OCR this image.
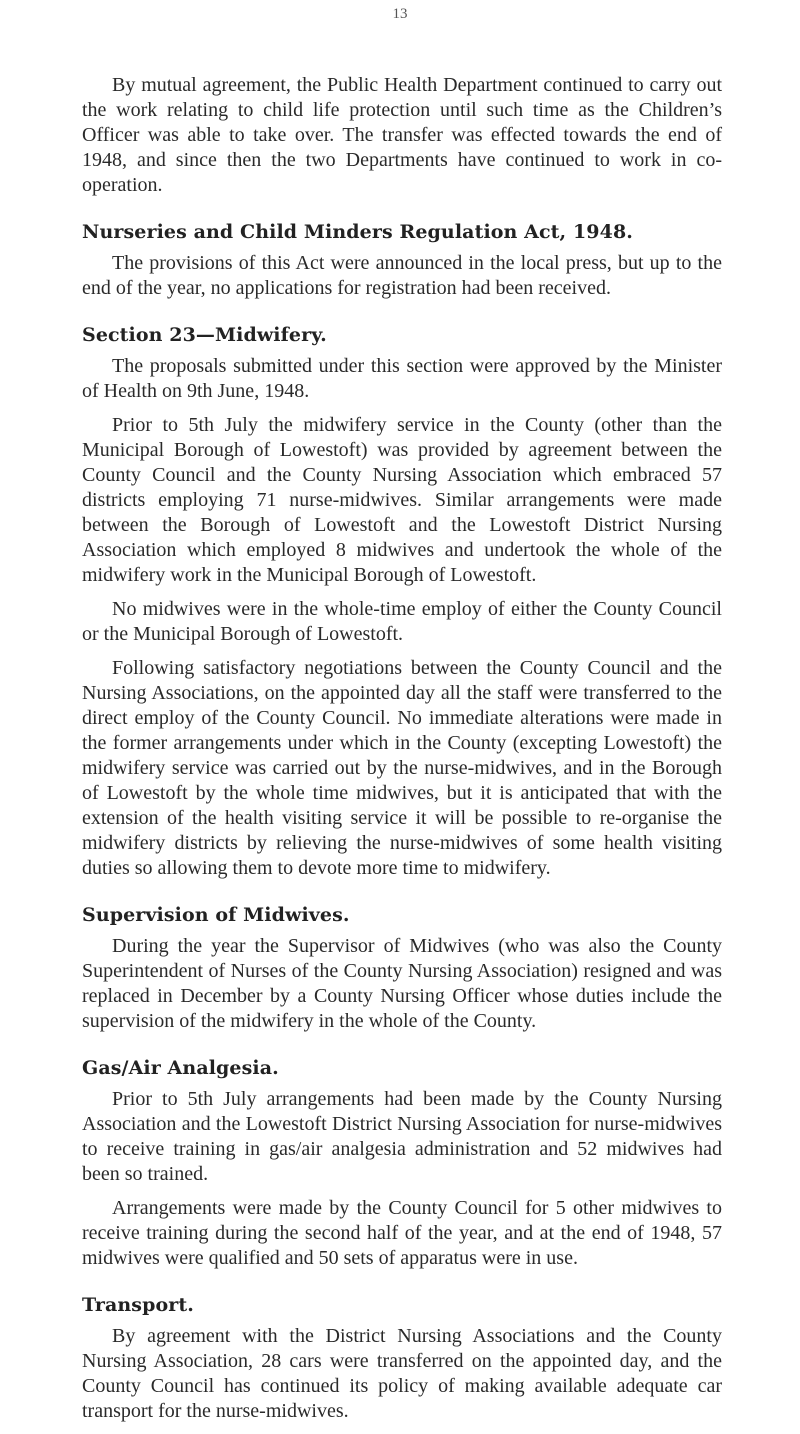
13

By mutual agreement, the Public Health Department continued to carry out the work relating to child life protection until such time as the Children’s Officer was able to take over. The transfer was effected towards the end of 1948, and since then the two Departments have continued to work in co-operation.

Nurseries and Child Minders Regulation Act, 1948.

The provisions of this Act were announced in the local press, but up to the end of the year, no applications for registration had been received.

Section 23—Midwifery.

The proposals submitted under this section were approved by the Minister of Health on 9th June, 1948.

Prior to 5th July the midwifery service in the County (other than the Municipal Borough of Lowestoft) was provided by agreement between the County Council and the County Nursing Association which embraced 57 districts employing 71 nurse-midwives. Similar arrangements were made between the Borough of Lowestoft and the Lowestoft District Nursing Association which employed 8 midwives and undertook the whole of the midwifery work in the Municipal Borough of Lowestoft.

No midwives were in the whole-time employ of either the County Council or the Municipal Borough of Lowestoft.

Following satisfactory negotiations between the County Council and the Nursing Associations, on the appointed day all the staff were transferred to the direct employ of the County Council. No immediate alterations were made in the former arrangements under which in the County (excepting Lowestoft) the midwifery service was carried out by the nurse-midwives, and in the Borough of Lowestoft by the whole time midwives, but it is anticipated that with the extension of the health visiting service it will be possible to re-organise the midwifery districts by relieving the nurse-midwives of some health visiting duties so allowing them to devote more time to midwifery.

Supervision of Midwives.

During the year the Supervisor of Midwives (who was also the County Superintendent of Nurses of the County Nursing Association) resigned and was replaced in December by a County Nursing Officer whose duties include the supervision of the midwifery in the whole of the County.

Gas/Air Analgesia.

Prior to 5th July arrangements had been made by the County Nursing Association and the Lowestoft District Nursing Association for nurse-midwives to receive training in gas/air analgesia administration and 52 midwives had been so trained.

Arrangements were made by the County Council for 5 other midwives to receive training during the second half of the year, and at the end of 1948, 57 midwives were qualified and 50 sets of apparatus were in use.

Transport.

By agreement with the District Nursing Associations and the County Nursing Association, 28 cars were transferred on the appointed day, and the County Council has continued its policy of making available adequate car transport for the nurse-midwives.
